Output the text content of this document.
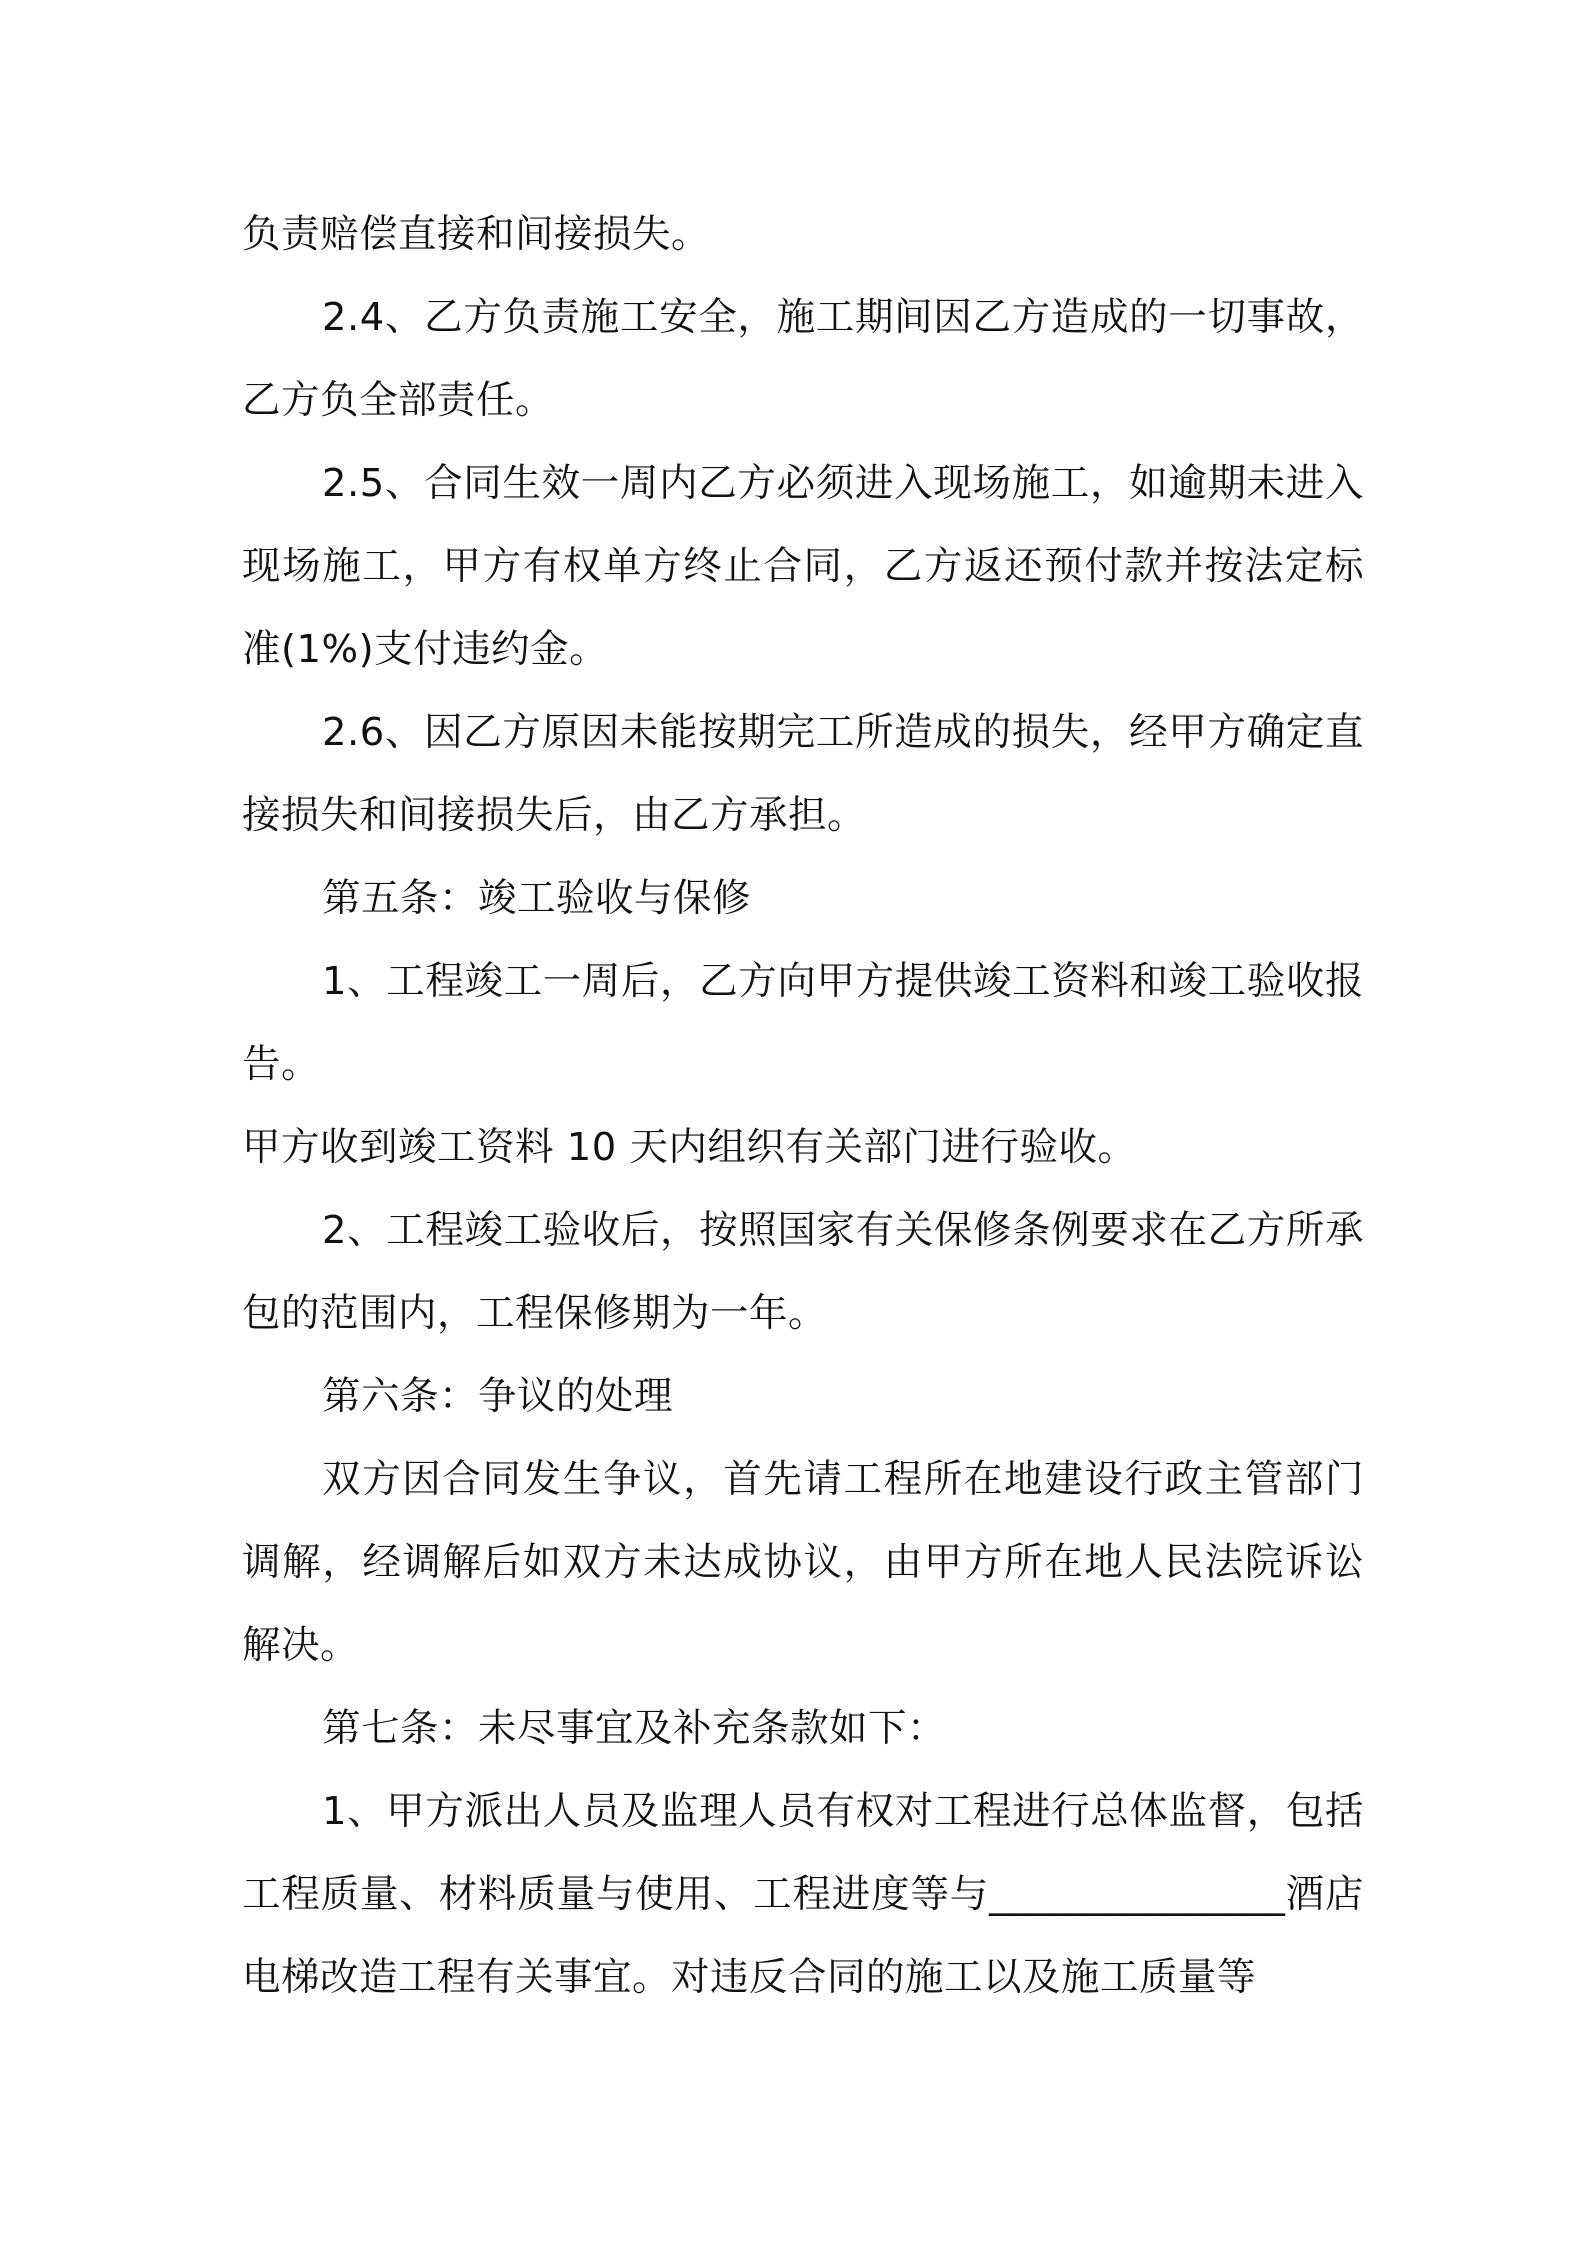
负责赔偿直接和间接损失。

2.4、乙方负责施工安全，施工期间因乙方造成的一切事故，乙方负全部责任。

2.5、合同生效一周内乙方必须进入现场施工，如逾期未进入现场施工，甲方有权单方终止合同，乙方返还预付款并按法定标准(1%)支付违约金。

2.6、因乙方原因未能按期完工所造成的损失，经甲方确定直接损失和间接损失后，由乙方承担。

第五条：竣工验收与保修

1、工程竣工一周后，乙方向甲方提供竣工资料和竣工验收报告。

甲方收到竣工资料 10 天内组织有关部门进行验收。

2、工程竣工验收后，按照国家有关保修条例要求在乙方所承包的范围内，工程保修期为一年。

第六条：争议的处理

双方因合同发生争议，首先请工程所在地建设行政主管部门调解，经调解后如双方未达成协议，由甲方所在地人民法院诉讼解决。

第七条：未尽事宜及补充条款如下：

1、甲方派出人员及监理人员有权对工程进行总体监督，包括工程质量、材料质量与使用、工程进度等与_______________酒店电梯改造工程有关事宜。对违反合同的施工以及施工质量等
